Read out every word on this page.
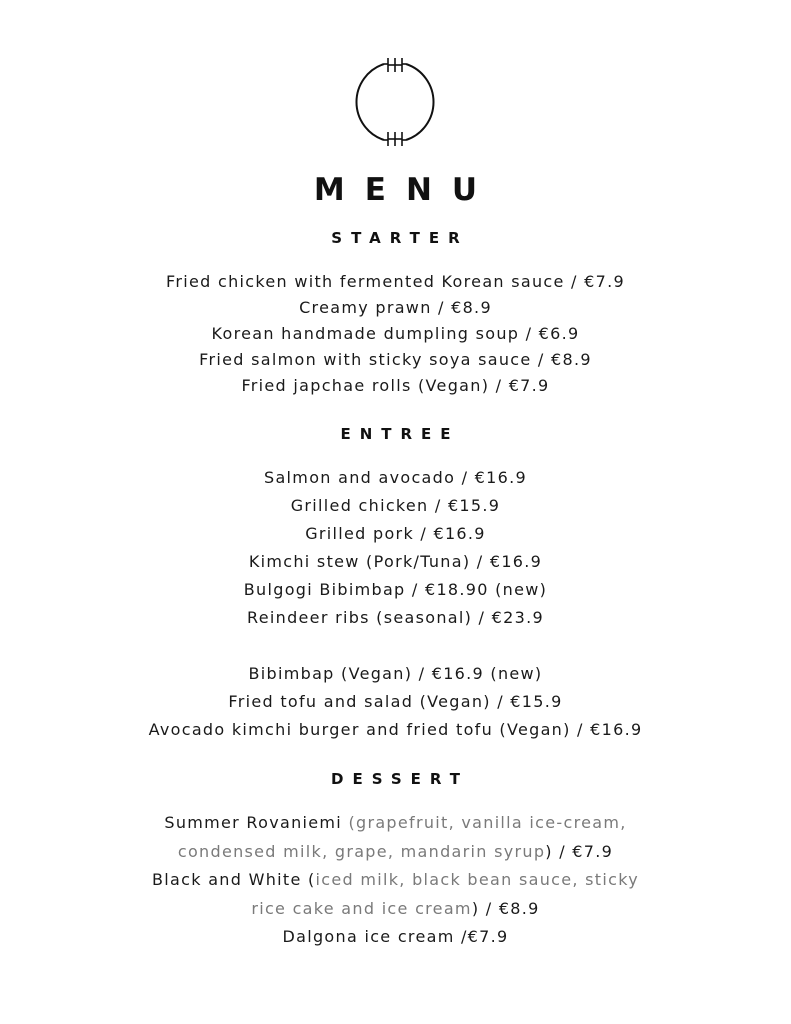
MENU
STARTER
Fried chicken with fermented Korean sauce / €7.9
Creamy prawn / €8.9
Korean handmade dumpling soup / €6.9
Fried salmon with sticky soya sauce / €8.9
Fried japchae rolls (Vegan) / €7.9
ENTREE
Salmon and avocado / €16.9
Grilled chicken / €15.9
Grilled pork / €16.9
Kimchi stew (Pork/Tuna) / €16.9
Bulgogi Bibimbap / €18.90 (new)
Reindeer ribs (seasonal) / €23.9
Bibimbap (Vegan) / €16.9 (new)
Fried tofu and salad (Vegan) / €15.9
Avocado kimchi burger and fried tofu (Vegan) / €16.9
DESSERT
Summer Rovaniemi (grapefruit, vanilla ice-cream,
condensed milk, grape, mandarin syrup) / €7.9
Black and White (iced milk, black bean sauce, sticky
rice cake and ice cream) / €8.9
Dalgona ice cream /€7.9
